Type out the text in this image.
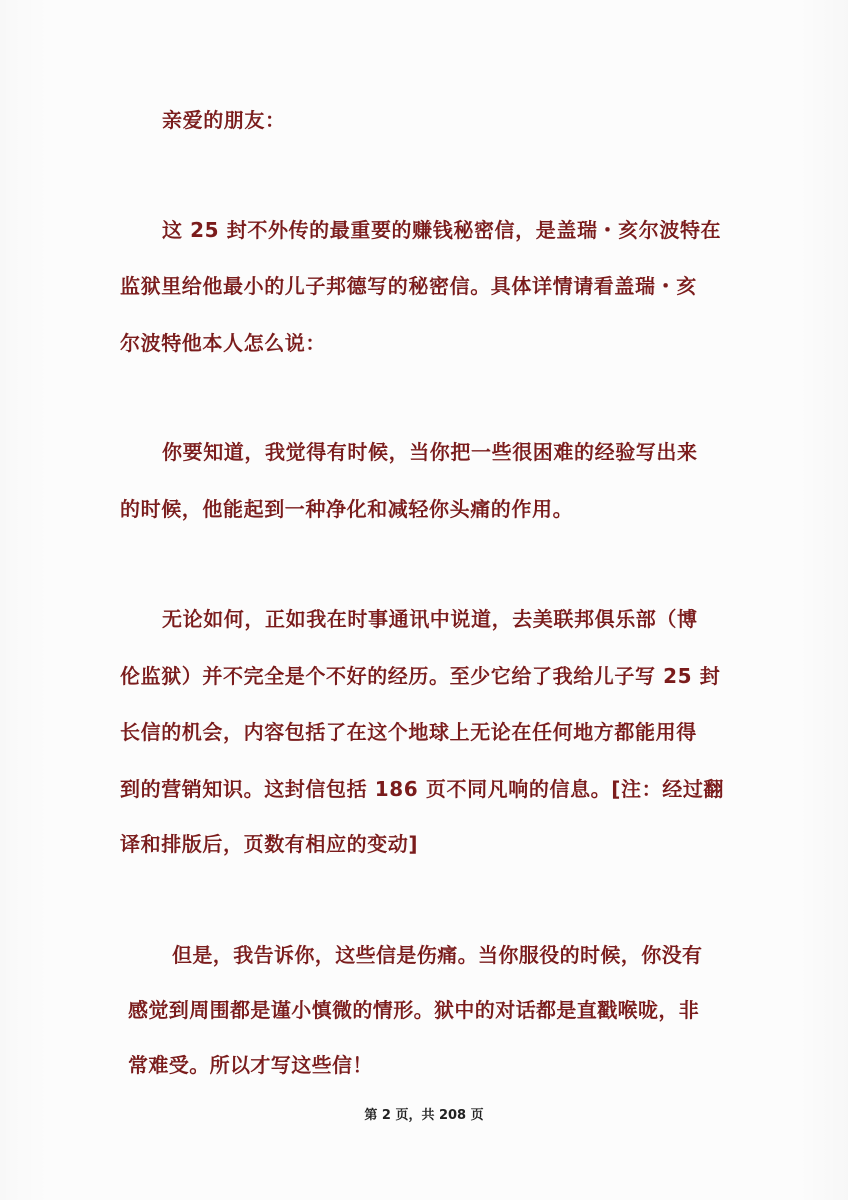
亲爱的朋友：

这 25 封不外传的最重要的赚钱秘密信，是盖瑞・亥尔波特在

监狱里给他最小的儿子邦德写的秘密信。具体详情请看盖瑞・亥

尔波特他本人怎么说：

你要知道，我觉得有时候，当你把一些很困难的经验写出来

的时候，他能起到一种净化和减轻你头痛的作用。

无论如何，正如我在时事通讯中说道，去美联邦俱乐部（博

伦监狱）并不完全是个不好的经历。至少它给了我给儿子写 25 封

长信的机会，内容包括了在这个地球上无论在任何地方都能用得

到的营销知识。这封信包括 186 页不同凡响的信息。[注：经过翻

译和排版后，页数有相应的变动]

但是，我告诉你，这些信是伤痛。当你服役的时候，你没有

感觉到周围都是谨小慎微的情形。狱中的对话都是直戳喉咙，非

常难受。所以才写这些信！

第 2 页，共 208 页
